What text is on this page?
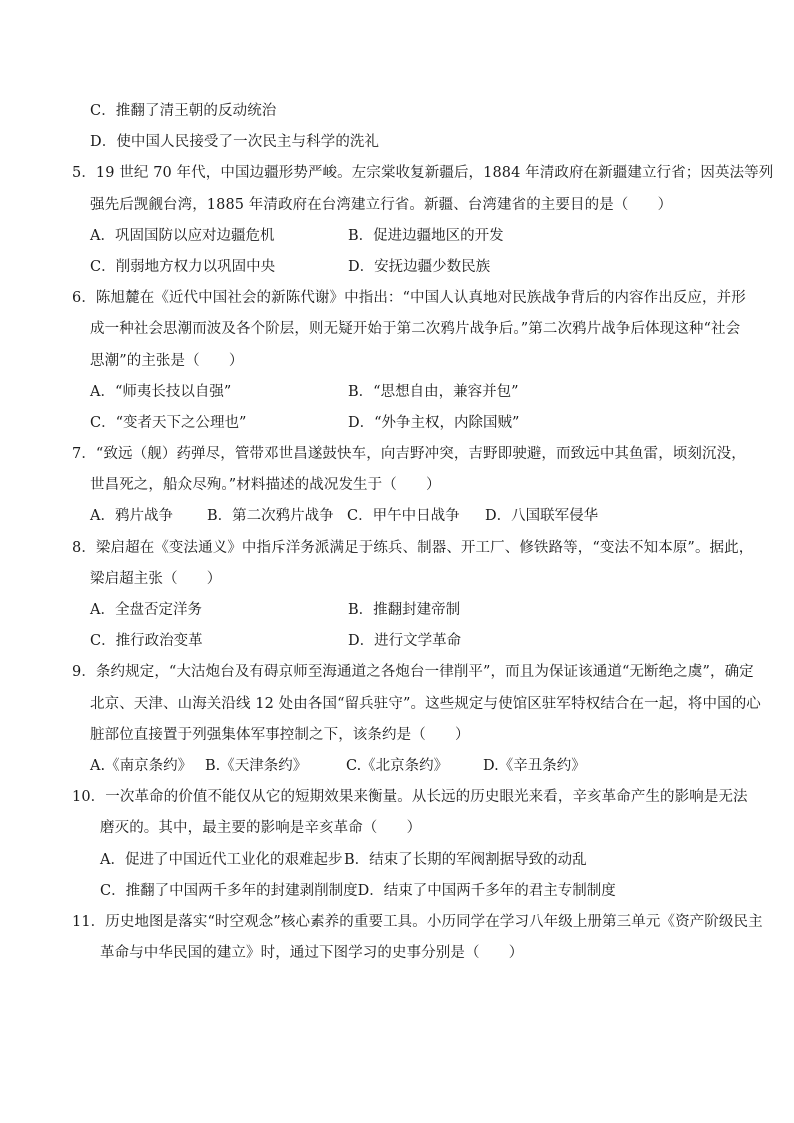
C．推翻了清王朝的反动统治
D．使中国人民接受了一次民主与科学的洗礼
5．19 世纪 70 年代，中国边疆形势严峻。左宗棠收复新疆后，1884 年清政府在新疆建立行省；因英法等列
强先后觊觎台湾，1885 年清政府在台湾建立行省。新疆、台湾建省的主要目的是（　　）
A．巩固国防以应对边疆危机	B．促进边疆地区的开发
C．削弱地方权力以巩固中央	D．安抚边疆少数民族
6．陈旭麓在《近代中国社会的新陈代谢》中指出：“中国人认真地对民族战争背后的内容作出反应，并形
成一种社会思潮而波及各个阶层，则无疑开始于第二次鸦片战争后。”第二次鸦片战争后体现这种“社会
思潮”的主张是（　　）
A．“师夷长技以自强”	B．“思想自由，兼容并包”
C．“变者天下之公理也”	D．“外争主权，内除国贼”
7．“致远（舰）药弹尽，管带邓世昌遂鼓快车，向吉野冲突，吉野即驶避，而致远中其鱼雷，顷刻沉没，
世昌死之，船众尽殉。”材料描述的战况发生于（　　）
A．鸦片战争	B．第二次鸦片战争 C．甲午中日战争	D．八国联军侵华
8．梁启超在《变法通义》中指斥洋务派满足于练兵、制器、开工厂、修铁路等，“变法不知本原”。据此，
梁启超主张（　　）
A．全盘否定洋务	B．推翻封建帝制
C．推行政治变革	D．进行文学革命
9．条约规定，“大沽炮台及有碍京师至海通道之各炮台一律削平”，而且为保证该通道“无断绝之虞”，确定
北京、天津、山海关沿线 12 处由各国“留兵驻守”。这些规定与使馆区驻军特权结合在一起，将中国的心
脏部位直接置于列强集体军事控制之下，该条约是（　　）
A.《南京条约》 B.《天津条约》	C.《北京条约》	D.《辛丑条约》
10．一次革命的价值不能仅从它的短期效果来衡量。从长远的历史眼光来看，辛亥革命产生的影响是无法
磨灭的。其中，最主要的影响是辛亥革命（　　）
A．促进了中国近代工业化的艰难起步 B．结束了长期的军阀割据导致的动乱
C．推翻了中国两千多年的封建剥削制度 D．结束了中国两千多年的君主专制制度
11．历史地图是落实“时空观念”核心素养的重要工具。小历同学在学习八年级上册第三单元《资产阶级民主
革命与中华民国的建立》时，通过下图学习的史事分别是（　　）
